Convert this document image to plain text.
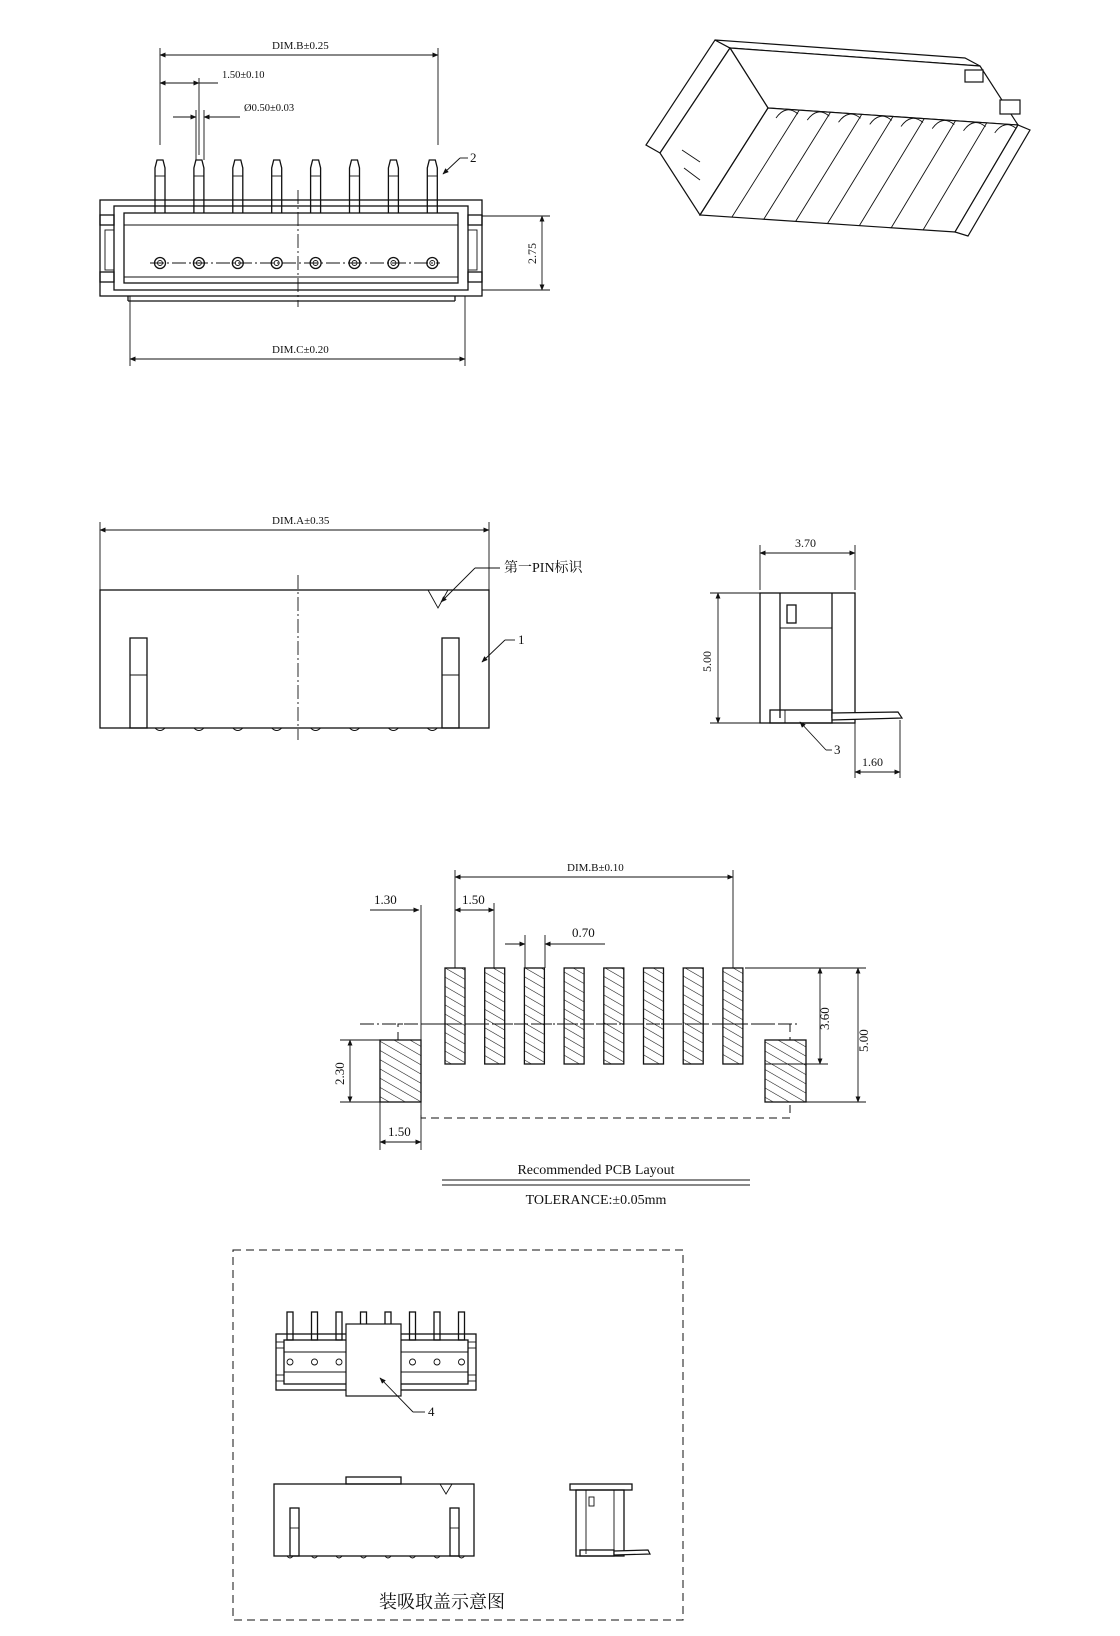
DIM.B±0.25
1.50±0.10
Ø0.50±0.03
2
2.75
DIM.C±0.20
DIM.A±0.35
第一PIN标识
1
3.70
5.00
3
1.60
DIM.B±0.10
1.30	1.50
0.70
3.60
5.00
2.30
1.50
Recommended PCB Layout
TOLERANCE:±0.05mm
4
装吸取盖示意图
